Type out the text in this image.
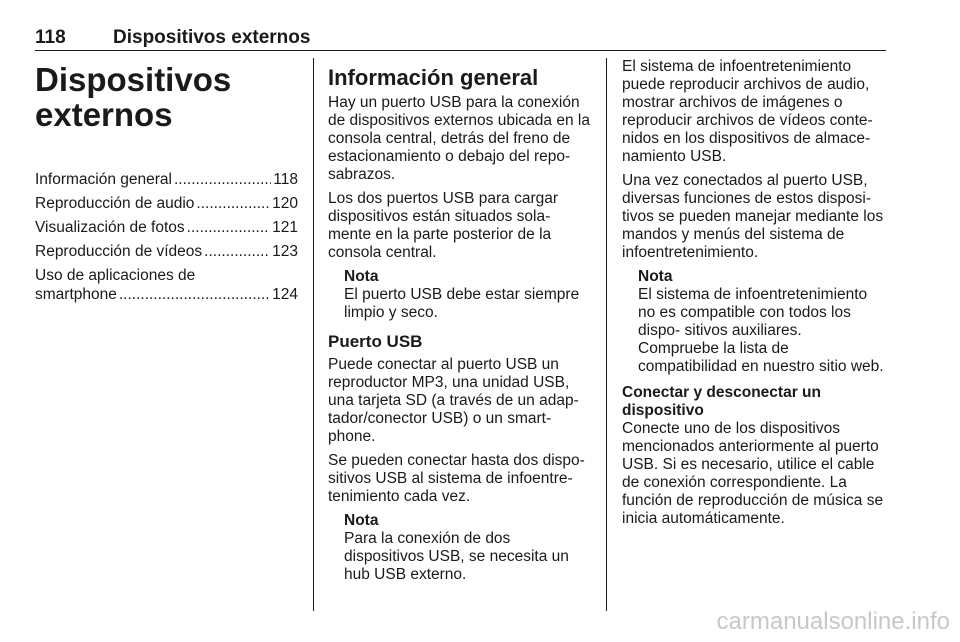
118 Dispositivos externos
Dispositivos
externos
Información general .....	118
Reproducción de audio .....	120
Visualización de fotos .....	121
Reproducción de vídeos .....	123
Uso de aplicaciones de
smartphone .....	124
Información general

Hay un puerto USB para la conexión de dispositivos externos ubicada en la consola central, detrás del freno de estacionamiento o debajo del repo- sabrazos.

Los dos puertos USB para cargar dispositivos están situados sola- mente en la parte posterior de la consola central.

Nota
El puerto USB debe estar siempre limpio y seco.
Puerto USB

Puede conectar al puerto USB un reproductor MP3, una unidad USB, una tarjeta SD (a través de un adap- tador/conector USB) o un smart- phone.

Se pueden conectar hasta dos dispo- sitivos USB al sistema de infoentre- tenimiento cada vez.

Nota
Para la conexión de dos dispositivos USB, se necesita un hub USB externo.

El sistema de infoentretenimiento puede reproducir archivos de audio, mostrar archivos de imágenes o reproducir archivos de vídeos conte- nidos en los dispositivos de almace- namiento USB.

Una vez conectados al puerto USB, diversas funciones de estos disposi- tivos se pueden manejar mediante los mandos y menús del sistema de infoentretenimiento.

Nota
El sistema de infoentretenimiento no es compatible con todos los dispo- sitivos auxiliares. Compruebe la lista de compatibilidad en nuestro sitio web.
Conectar y desconectar un dispositivo

Conecte uno de los dispositivos mencionados anteriormente al puerto USB. Si es necesario, utilice el cable de conexión correspondiente. La función de reproducción de música se inicia automáticamente.

carmanualsonline.info
